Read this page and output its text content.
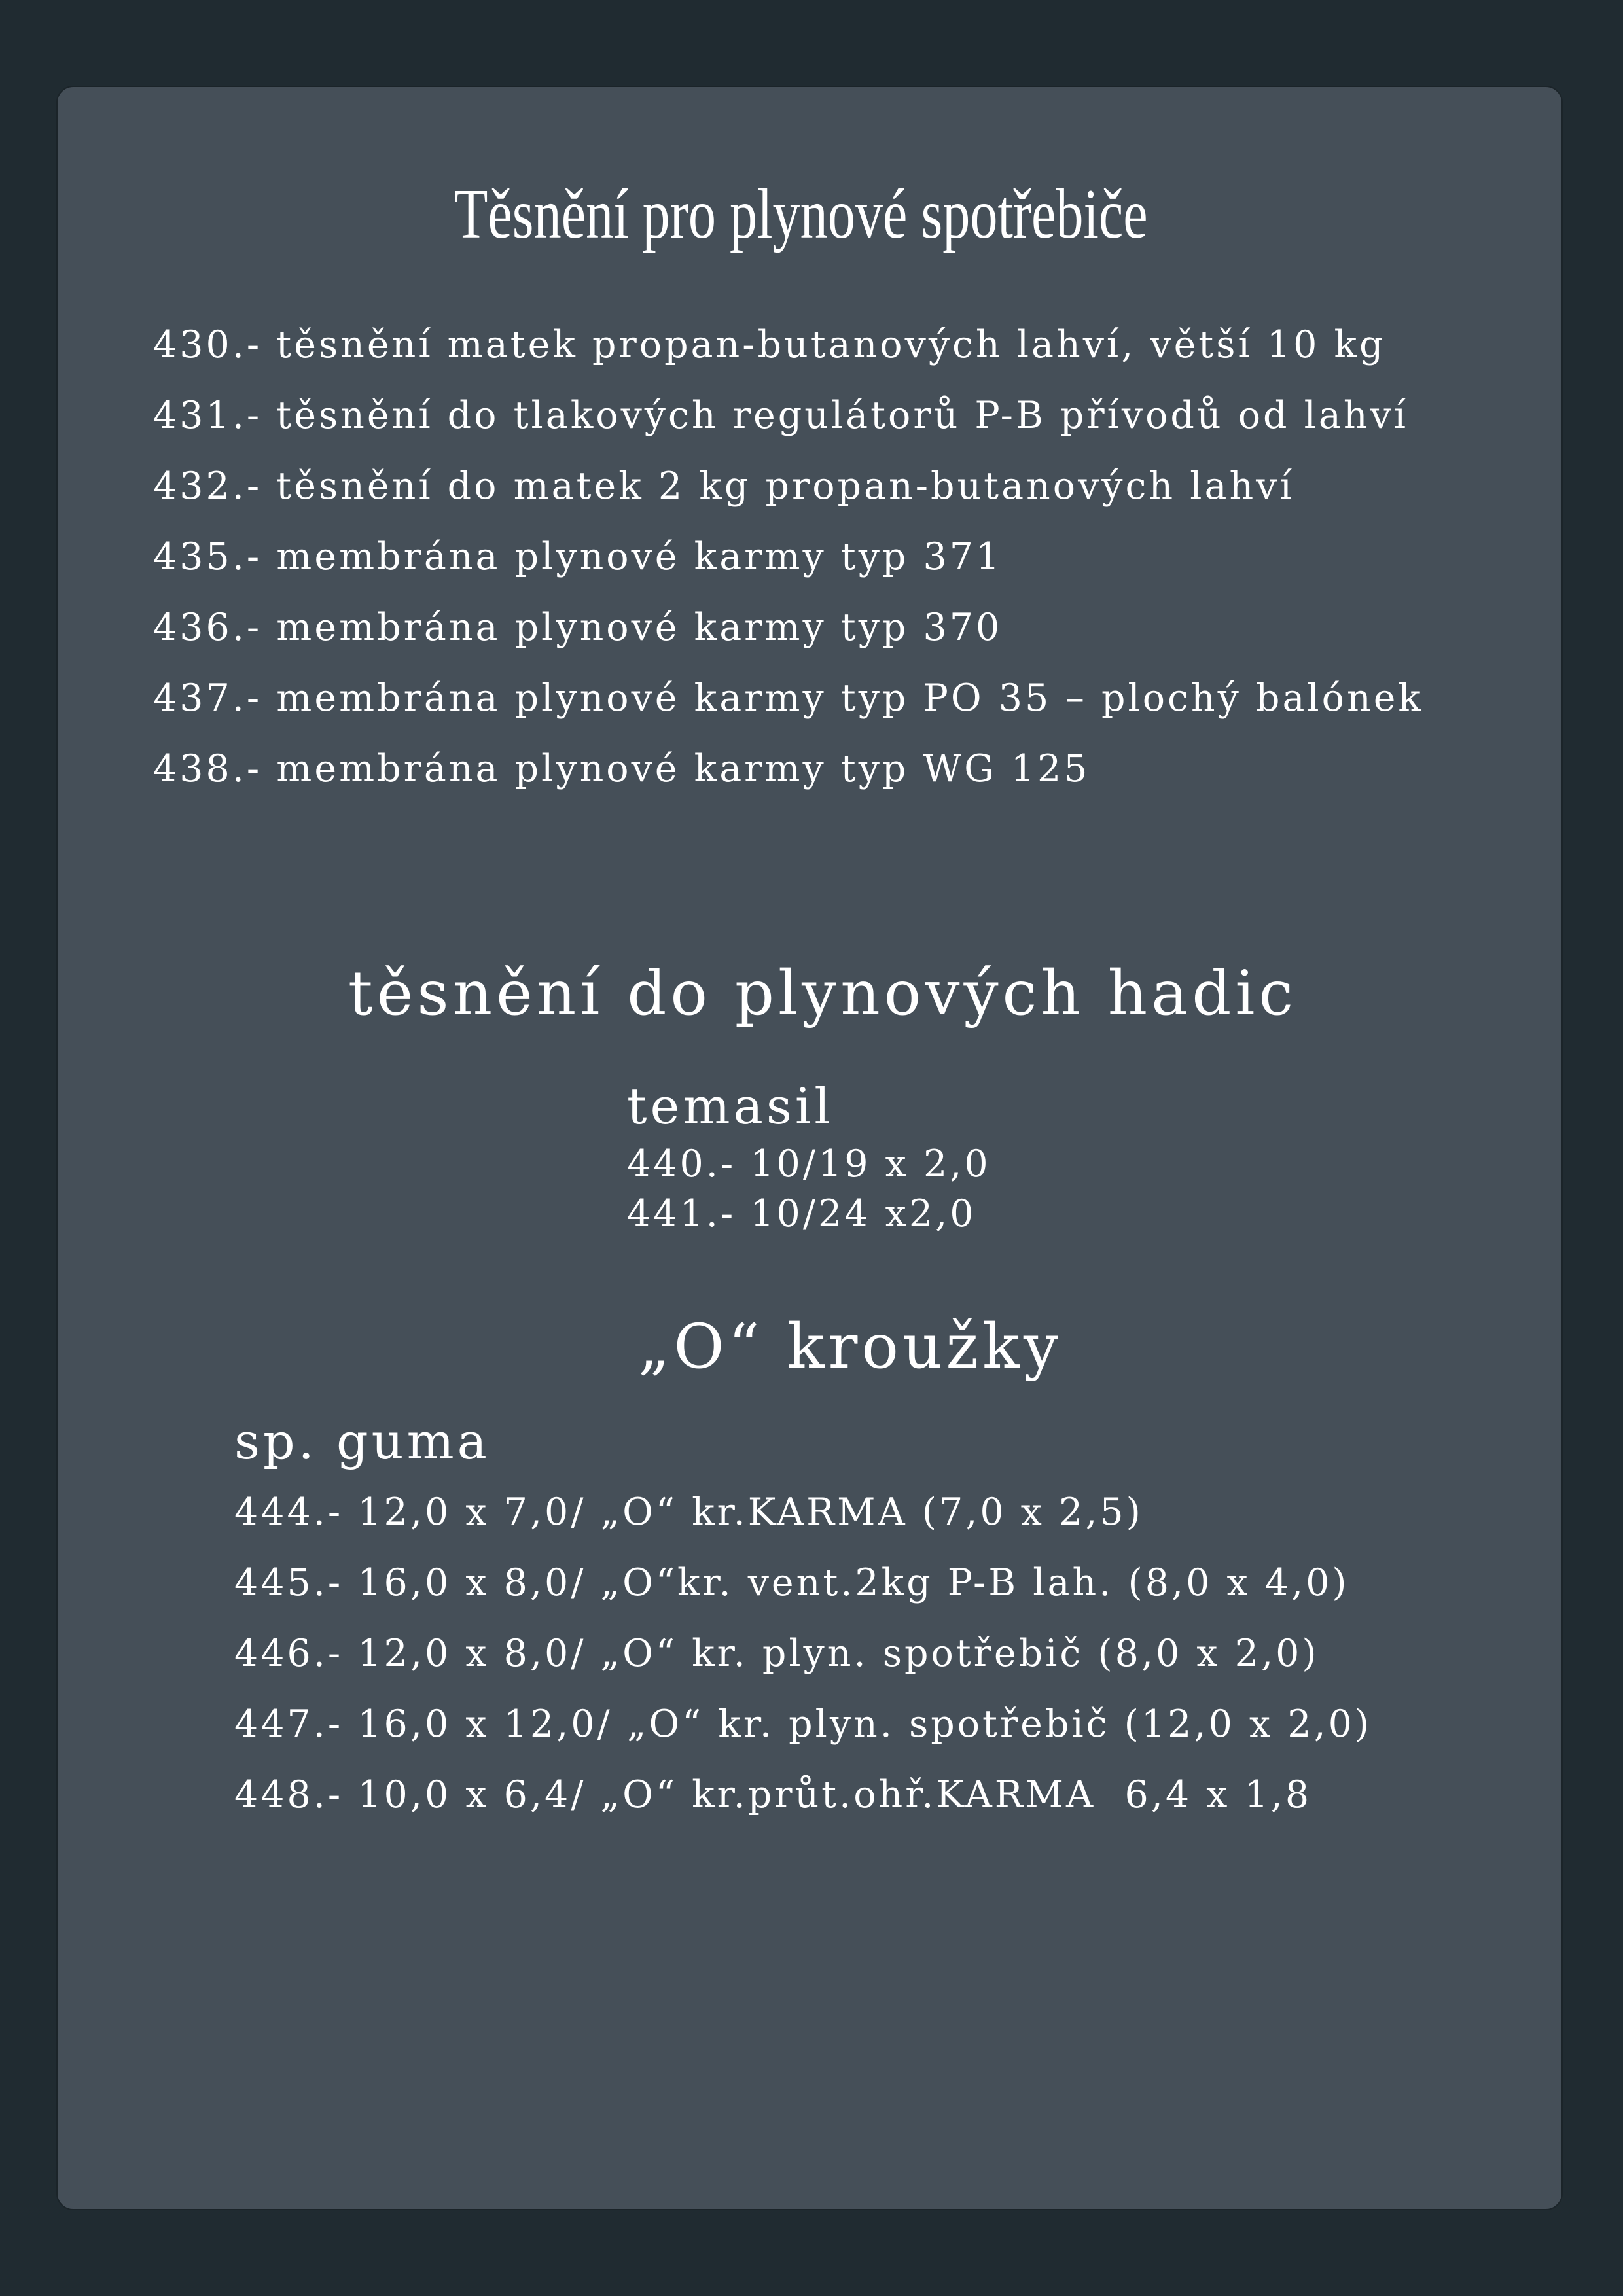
Těsnění pro plynové spotřebiče
430.- těsnění matek propan-butanových lahví, větší 10 kg
431.- těsnění do tlakových regulátorů P-B přívodů od lahví
432.- těsnění do matek 2 kg propan-butanových lahví
435.- membrána plynové karmy typ 371
436.- membrána plynové karmy typ 370
437.- membrána plynové karmy typ PO 35 – plochý balónek
438.- membrána plynové karmy typ WG 125
těsnění do plynových hadic
temasil
440.- 10/19 x 2,0
441.- 10/24 x2,0
„O“ kroužky
sp. guma
444.- 12,0 x 7,0/ „O“ kr.KARMA (7,0 x 2,5)
445.- 16,0 x 8,0/ „O“kr. vent.2kg P-B lah. (8,0 x 4,0)
446.- 12,0 x 8,0/ „O“ kr. plyn. spotřebič (8,0 x 2,0)
447.- 16,0 x 12,0/ „O“ kr. plyn. spotřebič (12,0 x 2,0)
448.- 10,0 x 6,4/ „O“ kr.průt.ohř.KARMA  6,4 x 1,8
